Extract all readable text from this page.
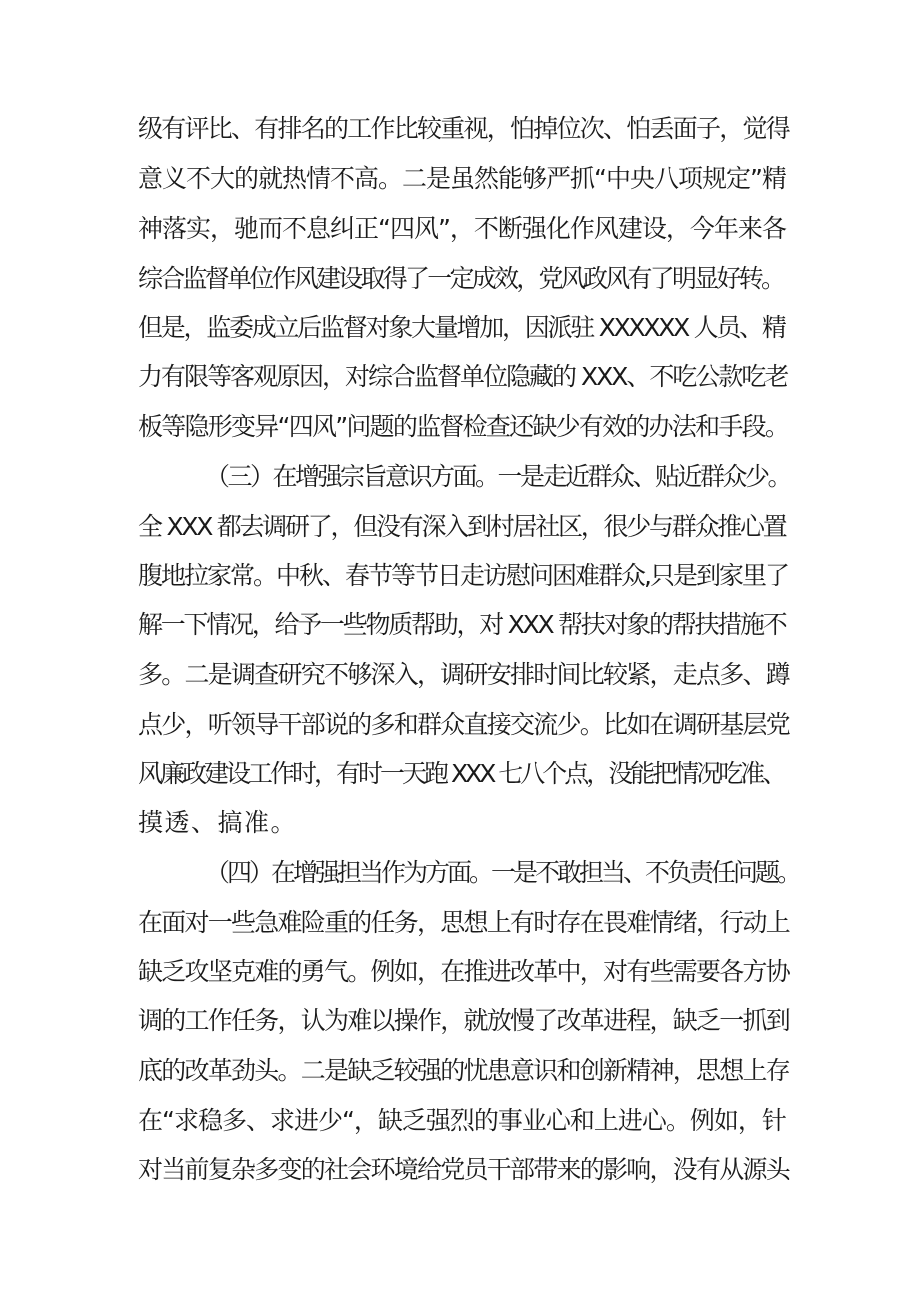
级有评比、有排名的工作比较重视，怕掉位次、怕丢面子，觉得
意义不大的就热情不高。二是虽然能够严抓“中央八项规定”精
神落实，驰而不息纠正“四风”，不断强化作风建设，今年来各
综合监督单位作风建设取得了一定成效，党风政风有了明显好转。
但是，监委成立后监督对象大量增加，因派驻 XXXXXX 人员、精
力有限等客观原因，对综合监督单位隐藏的 XXX、不吃公款吃老
板等隐形变异“四风”问题的监督检查还缺少有效的办法和手段。
（三）在增强宗旨意识方面。一是走近群众、贴近群众少。
全 XXX 都去调研了，但没有深入到村居社区，很少与群众推心置
腹地拉家常。中秋、春节等节日走访慰问困难群众,只是到家里了
解一下情况，给予一些物质帮助，对 XXX 帮扶对象的帮扶措施不
多。二是调查研究不够深入，调研安排时间比较紧，走点多、蹲
点少，听领导干部说的多和群众直接交流少。比如在调研基层党
风廉政建设工作时，有时一天跑 XXX 七八个点，没能把情况吃准、
摸透、搞准。
（四）在增强担当作为方面。一是不敢担当、不负责任问题。
在面对一些急难险重的任务，思想上有时存在畏难情绪，行动上
缺乏攻坚克难的勇气。例如，在推进改革中，对有些需要各方协
调的工作任务，认为难以操作，就放慢了改革进程，缺乏一抓到
底的改革劲头。二是缺乏较强的忧患意识和创新精神，思想上存
在“求稳多、求进少“，缺乏强烈的事业心和上进心。例如，针
对当前复杂多变的社会环境给党员干部带来的影响，没有从源头
